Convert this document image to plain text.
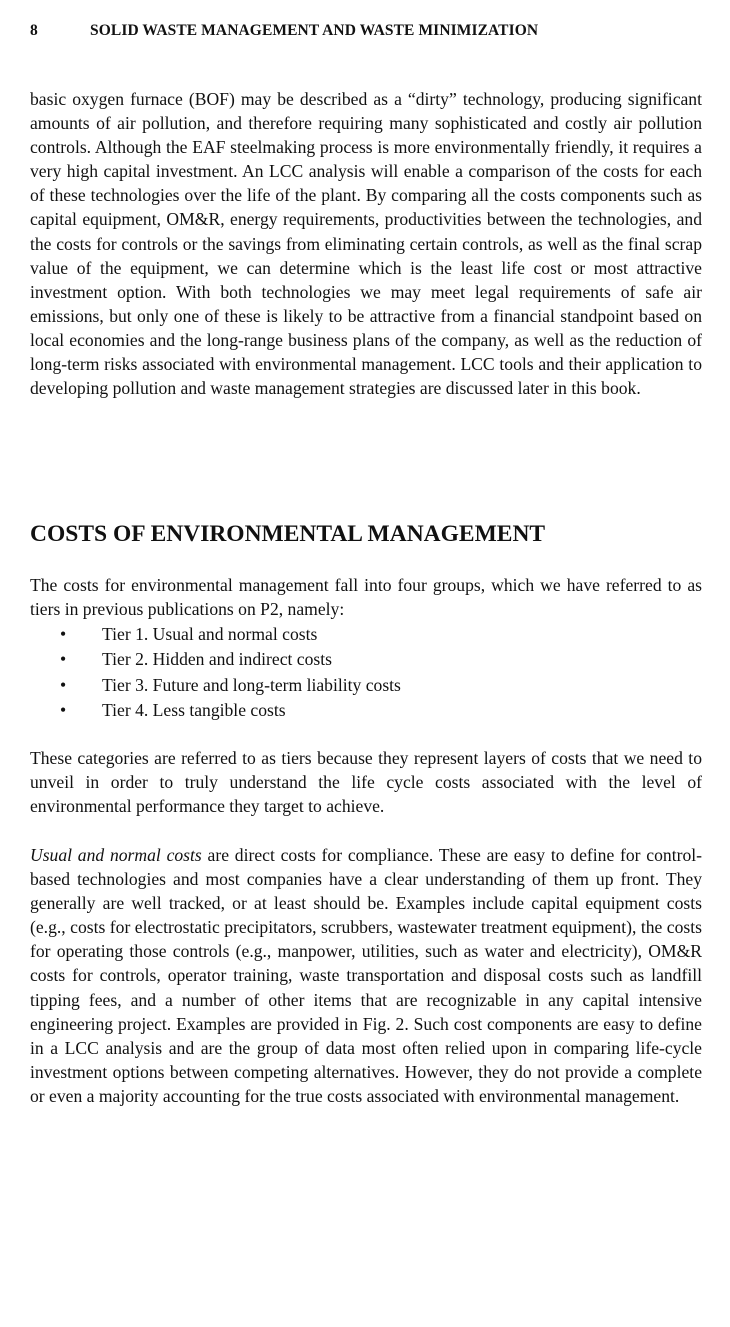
8	SOLID WASTE MANAGEMENT AND WASTE MINIMIZATION

basic oxygen furnace (BOF) may be described as a “dirty” technology, producing significant amounts of air pollution, and therefore requiring many sophisticated and costly air pollution controls. Although the EAF steelmaking process is more environmentally friendly, it requires a very high capital investment. An LCC analysis will enable a comparison of the costs for each of these technologies over the life of the plant. By comparing all the costs components such as capital equipment, OM&R, energy requirements, productivities between the technologies, and the costs for controls or the savings from eliminating certain controls, as well as the final scrap value of the equipment, we can determine which is the least life cost or most attractive investment option. With both technologies we may meet legal requirements of safe air emissions, but only one of these is likely to be attractive from a financial standpoint based on local economies and the long-range business plans of the company, as well as the reduction of long-term risks associated with environmental management. LCC tools and their application to developing pollution and waste management strategies are discussed later in this book.

COSTS OF ENVIRONMENTAL MANAGEMENT

The costs for environmental management fall into four groups, which we have referred to as tiers in previous publications on P2, namely:

• Tier 1. Usual and normal costs
• Tier 2. Hidden and indirect costs
• Tier 3. Future and long-term liability costs
• Tier 4. Less tangible costs

These categories are referred to as tiers because they represent layers of costs that we need to unveil in order to truly understand the life cycle costs associated with the level of environmental performance they target to achieve.

Usual and normal costs are direct costs for compliance. These are easy to define for control-based technologies and most companies have a clear understanding of them up front. They generally are well tracked, or at least should be. Examples include capital equipment costs (e.g., costs for electrostatic precipitators, scrubbers, wastewater treatment equipment), the costs for operating those controls (e.g., manpower, utilities, such as water and electricity), OM&R costs for controls, operator training, waste transportation and disposal costs such as landfill tipping fees, and a number of other items that are recognizable in any capital intensive engineering project. Examples are provided in Fig. 2. Such cost components are easy to define in a LCC analysis and are the group of data most often relied upon in comparing life-cycle investment options between competing alternatives. However, they do not provide a complete or even a majority accounting for the true costs associated with environmental management.
